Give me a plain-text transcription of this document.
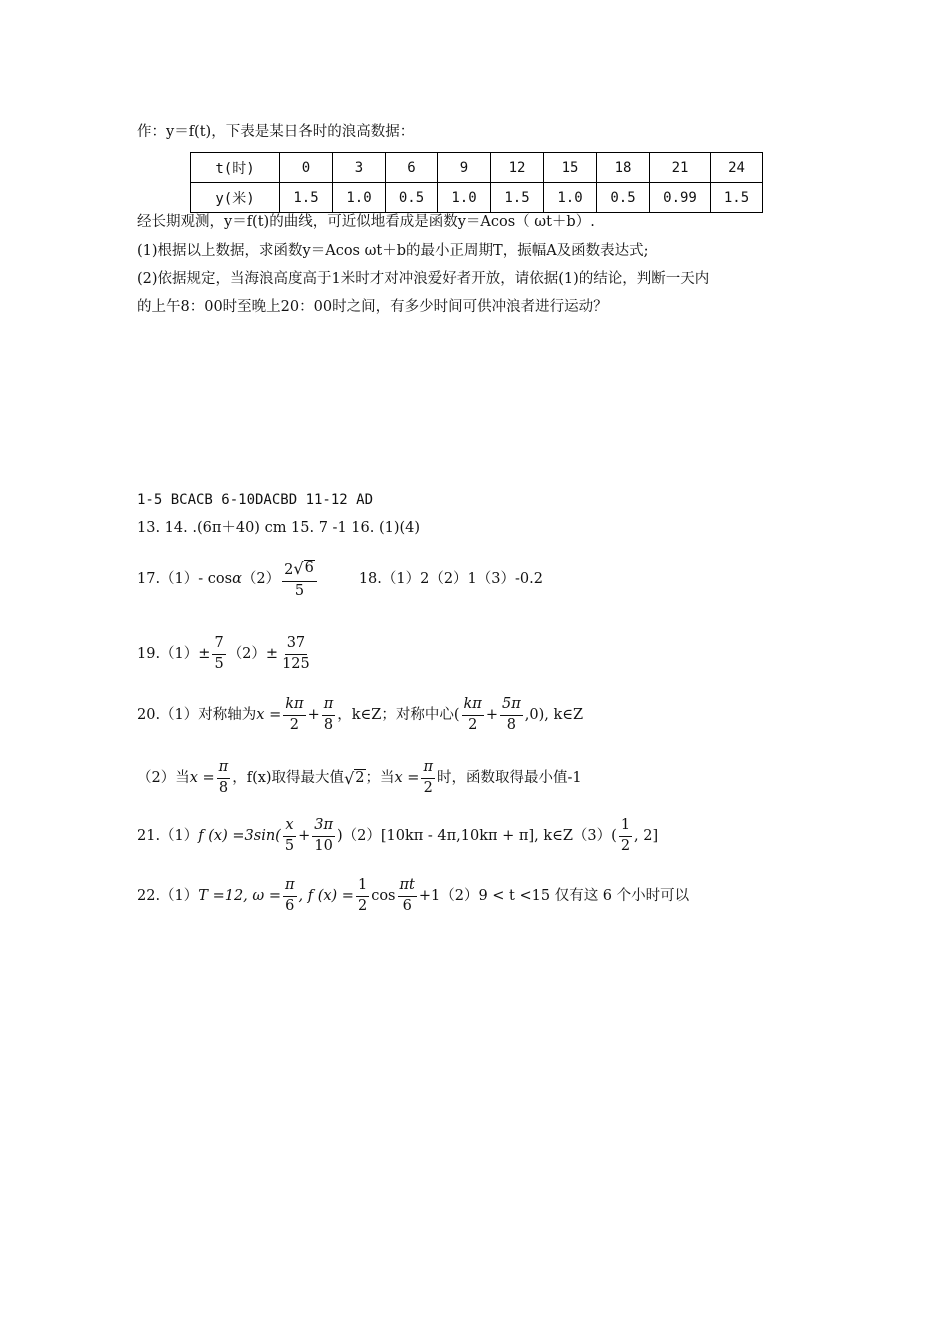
作：y＝f(t)，下表是某日各时的浪高数据：
t(时)	0	3	6	9	12	15	18	21	24
y(米)	1.5	1.0	0.5	1.0	1.5	1.0	0.5	0.99	1.5
经长期观测，y＝f(t)的曲线，可近似地看成是函数y＝Acos（ ωt＋b）.
(1)根据以上数据，求函数y＝Acos ωt＋b的最小正周期T，振幅A及函数表达式;
(2)依据规定，当海浪高度高于1米时才对冲浪爱好者开放，请依据(1)的结论，判断一天内
的上午8：00时至晚上20：00时之间，有多少时间可供冲浪者进行运动？
1-5 BCACB 6-10DACBD 11-12 AD
13. 14. .(6π＋40) cm 15. 7 -1 16. (1)(4)
17.（1） - cos α $(2) \frac{2 √ 6}{5}$	18.（1）2（2）1（3）-0.2
$19.(1) \pm \frac{7}{5} (2) \pm \frac{37}{125}$
20.（1）对称轴为 $x = \frac{k\pi}{2} + \frac{\pi}{8}$ ，k∈Z；对称中心( $\frac{k\pi}{2} + \frac{5\pi}{8} ,0$), k∈Z
（2）当 $x = \frac{\pi}{8}$ ，f(x)取得最大值 √ 2 ；当 $x = \frac{\pi}{2}$ 时，函数取得最小值-1
21.（1） f $(x) =3\sin( \frac{x}{5} + \frac{3\pi}{10}$ ) （2）[10kπ - 4π,10kπ + π], k∈Z（3）( $\frac{1}{2}$ , 2]
22.（1） T =12, $\omega = \frac{\pi}{6}$ , f $(x) = \frac{1}{2}$ $\cos \frac{\pi t}{6} +1(2)9 < t <15$ 仅有这 6 个小时可以
